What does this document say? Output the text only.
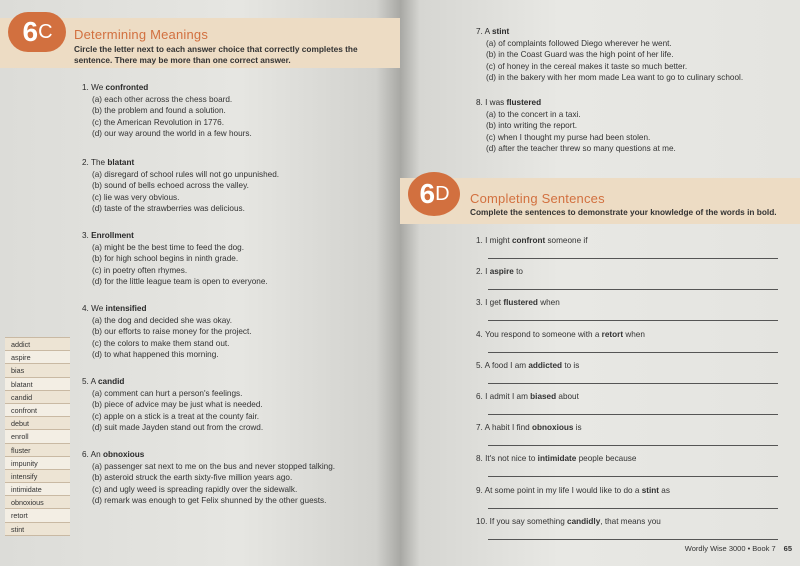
6 C Determining Meanings
Circle the letter next to each answer choice that correctly completes the sentence. There may be more than one correct answer.
1. We confronted
(a) each other across the chess board.
(b) the problem and found a solution.
(c) the American Revolution in 1776.
(d) our way around the world in a few hours.
2. The blatant
(a) disregard of school rules will not go unpunished.
(b) sound of bells echoed across the valley.
(c) lie was very obvious.
(d) taste of the strawberries was delicious.
3. Enrollment
(a) might be the best time to feed the dog.
(b) for high school begins in ninth grade.
(c) in poetry often rhymes.
(d) for the little league team is open to everyone.
4. We intensified
(a) the dog and decided she was okay.
(b) our efforts to raise money for the project.
(c) the colors to make them stand out.
(d) to what happened this morning.
5. A candid
(a) comment can hurt a person's feelings.
(b) piece of advice may be just what is needed.
(c) apple on a stick is a treat at the county fair.
(d) suit made Jayden stand out from the crowd.
6. An obnoxious
(a) passenger sat next to me on the bus and never stopped talking.
(b) asteroid struck the earth sixty-five million years ago.
(c) and ugly weed is spreading rapidly over the sidewalk.
(d) remark was enough to get Felix shunned by the other guests.
addict
aspire
bias
blatant
candid
confront
debut
enroll
fluster
impunity
intensify
intimidate
obnoxious
retort
stint
6 D Completing Sentences
Complete the sentences to demonstrate your knowledge of the words in bold.
7. A stint
(a) of complaints followed Diego wherever he went.
(b) in the Coast Guard was the high point of her life.
(c) of honey in the cereal makes it taste so much better.
(d) in the bakery with her mom made Lea want to go to culinary school.
8. I was flustered
(a) to the concert in a taxi.
(b) into writing the report.
(c) when I thought my purse had been stolen.
(d) after the teacher threw so many questions at me.
1. I might confront someone if
2. I aspire to
3. I get flustered when
4. You respond to someone with a retort when
5. A food I am addicted to is
6. I admit I am biased about
7. A habit I find obnoxious is
8. It's not nice to intimidate people because
9. At some point in my life I would like to do a stint as
10. If you say something candidly, that means you
Wordly Wise 3000 • Book 7 65
